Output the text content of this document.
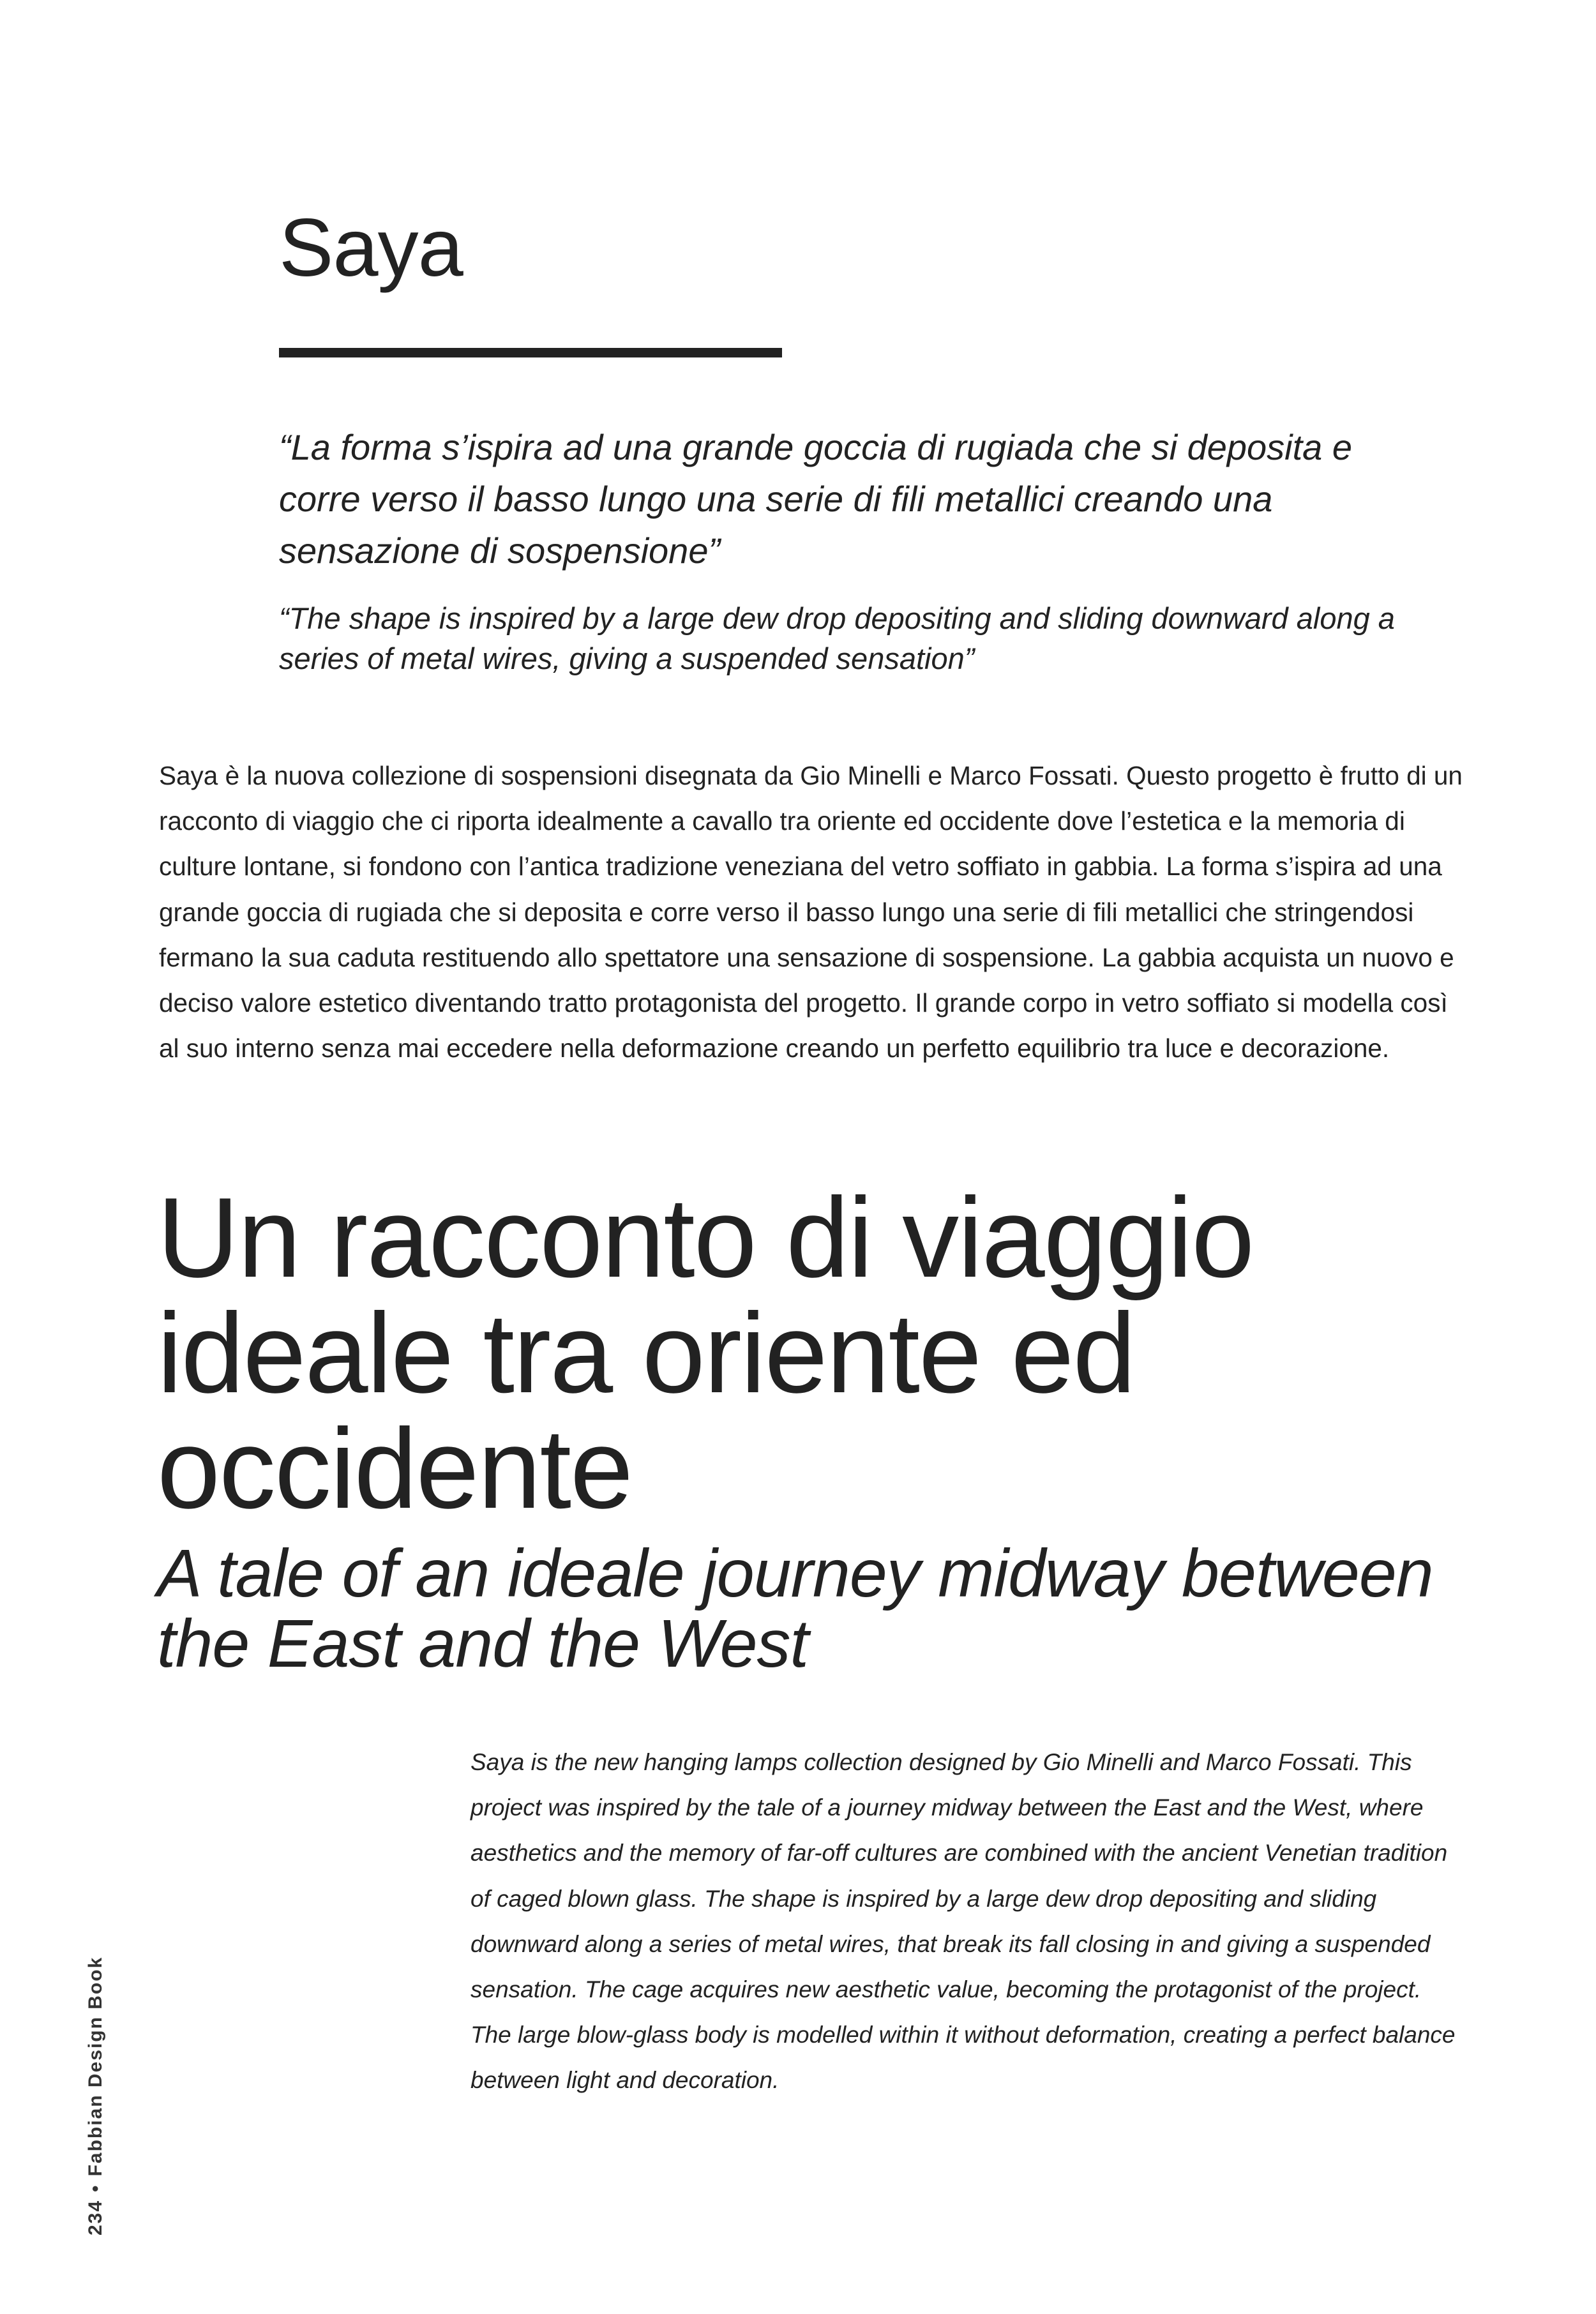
Saya

“La forma s’ispira ad una grande goccia di rugiada che si deposita e corre verso il basso lungo una serie di fili metallici creando una sensazione di sospensione”

“The shape is inspired by a large dew drop depositing and sliding downward along a series of metal wires, giving a suspended sensation”

Saya è la nuova collezione di sospensioni disegnata da Gio Minelli e Marco Fossati. Questo progetto è frutto di un racconto di viaggio che ci riporta idealmente a cavallo tra oriente ed occidente dove l’estetica e la memoria di culture lontane, si fondono con l’antica tradizione veneziana del vetro soffiato in gabbia. La forma s’ispira ad una grande goccia di rugiada che si deposita e corre verso il basso lungo una serie di fili metallici che stringendosi fermano la sua caduta restituendo allo spettatore una sensazione di sospensione. La gabbia acquista un nuovo e deciso valore estetico diventando tratto protagonista del progetto. Il grande corpo in vetro soffiato si modella così al suo interno senza mai eccedere nella deformazione creando un perfetto equilibrio tra luce e decorazione.

Un racconto di viaggio ideale tra oriente ed occidente
A tale of an ideale journey midway between the East and the West

Saya is the new hanging lamps collection designed by Gio Minelli and Marco Fossati. This project was inspired by the tale of a journey midway between the East and the West, where aesthetics and the memory of far-off cultures are combined with the ancient Venetian tradition of caged blown glass. The shape is inspired by a large dew drop depositing and sliding downward along a series of metal wires, that break its fall closing in and giving a suspended sensation. The cage acquires new aesthetic value, becoming the protagonist of the project. The large blow-glass body is modelled within it without deformation, creating a perfect balance between light and decoration.

234•Fabbian Design Book
